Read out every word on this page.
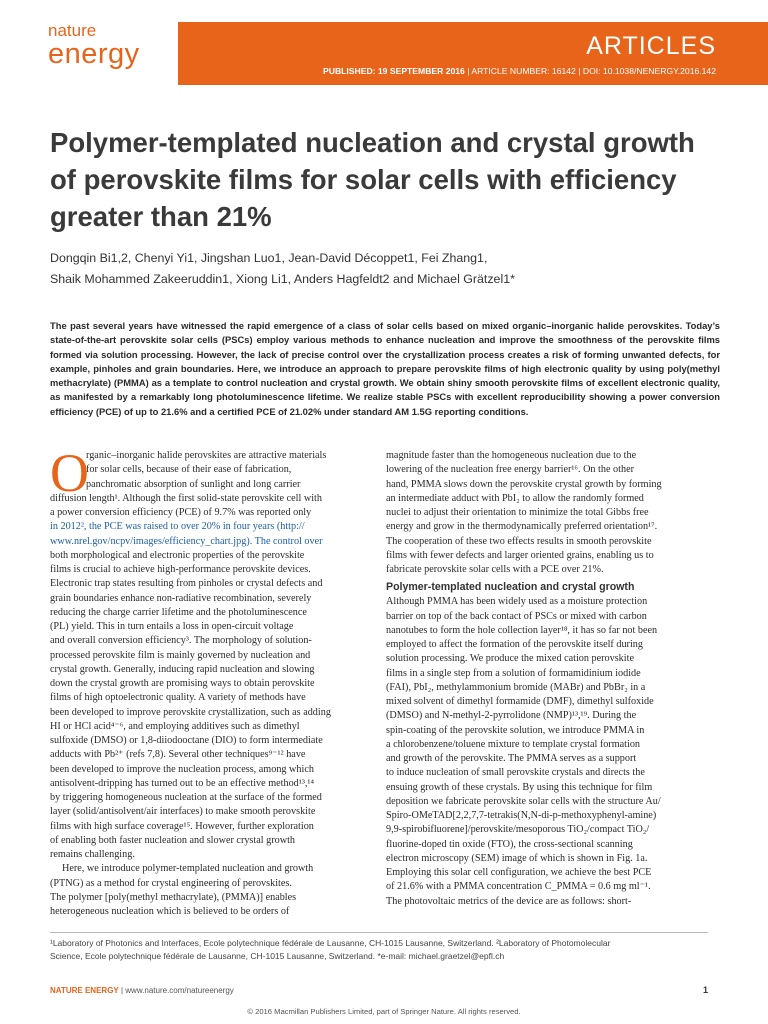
nature
energy	ARTICLES
PUBLISHED: 19 SEPTEMBER 2016 | ARTICLE NUMBER: 16142 | DOI: 10.1038/NENERGY.2016.142
Polymer-templated nucleation and crystal growth
of perovskite films for solar cells with efficiency
greater than 21%
Dongqin Bi1,2, Chenyi Yi1, Jingshan Luo1, Jean-David Décoppet1, Fei Zhang1,
Shaik Mohammed Zakeeruddin1, Xiong Li1, Anders Hagfeldt2 and Michael Grätzel1*

The past several years have witnessed the rapid emergence of a class of solar cells based on mixed organic–inorganic halide perovskites. Today’s state-of-the-art perovskite solar cells (PSCs) employ various methods to enhance nucleation and improve the smoothness of the perovskite films formed via solution processing. However, the lack of precise control over the crystallization process creates a risk of forming unwanted defects, for example, pinholes and grain boundaries. Here, we introduce an approach to prepare perovskite films of high electronic quality by using poly(methyl methacrylate) (PMMA) as a template to control nucleation and crystal growth. We obtain shiny smooth perovskite films of excellent electronic quality, as manifested by a remarkably long photoluminescence lifetime. We realize stable PSCs with excellent reproducibility showing a power conversion efficiency (PCE) of up to 21.6% and a certified PCE of 21.02% under standard AM 1.5G reporting conditions.

O
rganic–inorganic halide perovskites are attractive materials
for solar cells, because of their ease of fabrication,
panchromatic absorption of sunlight and long carrier
diffusion length¹. Although the first solid-state perovskite cell with
a power conversion efficiency (PCE) of 9.7% was reported only
in 2012², the PCE was raised to over 20% in four years (http://
www.nrel.gov/ncpv/images/efficiency_chart.jpg). The control over
both morphological and electronic properties of the perovskite
films is crucial to achieve high-performance perovskite devices.
Electronic trap states resulting from pinholes or crystal defects and
grain boundaries enhance non-radiative recombination, severely
reducing the charge carrier lifetime and the photoluminescence
(PL) yield. This in turn entails a loss in open-circuit voltage
and overall conversion efficiency³. The morphology of solution-
processed perovskite film is mainly governed by nucleation and
crystal growth. Generally, inducing rapid nucleation and slowing
down the crystal growth are promising ways to obtain perovskite
films of high optoelectronic quality. A variety of methods have
been developed to improve perovskite crystallization, such as adding
HI or HCl acid⁴⁻⁶, and employing additives such as dimethyl
sulfoxide (DMSO) or 1,8-diiodooctane (DIO) to form intermediate
adducts with Pb²⁺ (refs 7,8). Several other techniques⁹⁻¹² have
been developed to improve the nucleation process, among which
antisolvent-dripping has turned out to be an effective method¹³,¹⁴
by triggering homogeneous nucleation at the surface of the formed
layer (solid/antisolvent/air interfaces) to make smooth perovskite
films with high surface coverage¹⁵. However, further exploration
of enabling both faster nucleation and slower crystal growth
remains challenging.
Here, we introduce polymer-templated nucleation and growth
(PTNG) as a method for crystal engineering of perovskites.
The polymer [poly(methyl methacrylate), (PMMA)] enables
heterogeneous nucleation which is believed to be orders of
magnitude faster than the homogeneous nucleation due to the
lowering of the nucleation free energy barrier¹⁶. On the other
hand, PMMA slows down the perovskite crystal growth by forming
an intermediate adduct with PbI₂ to allow the randomly formed
nuclei to adjust their orientation to minimize the total Gibbs free
energy and grow in the thermodynamically preferred orientation¹⁷.
The cooperation of these two effects results in smooth perovskite
films with fewer defects and larger oriented grains, enabling us to
fabricate perovskite solar cells with a PCE over 21%.
Polymer-templated nucleation and crystal growth
Although PMMA has been widely used as a moisture protection
barrier on top of the back contact of PSCs or mixed with carbon
nanotubes to form the hole collection layer¹⁸, it has so far not been
employed to affect the formation of the perovskite itself during
solution processing. We produce the mixed cation perovskite
films in a single step from a solution of formamidinium iodide
(FAI), PbI₂, methylammonium bromide (MABr) and PbBr₂ in a
mixed solvent of dimethyl formamide (DMF), dimethyl sulfoxide
(DMSO) and N-methyl-2-pyrrolidone (NMP)¹³,¹⁹. During the
spin-coating of the perovskite solution, we introduce PMMA in
a chlorobenzene/toluene mixture to template crystal formation
and growth of the perovskite. The PMMA serves as a support
to induce nucleation of small perovskite crystals and directs the
ensuing growth of these crystals. By using this technique for film
deposition we fabricate perovskite solar cells with the structure Au/
Spiro-OMeTAD[2,2,7,7-tetrakis(N,N-di-p-methoxyphenyl-amine)
9,9-spirobifluorene]/perovskite/mesoporous TiO₂/compact TiO₂/
fluorine-doped tin oxide (FTO), the cross-sectional scanning
electron microscopy (SEM) image of which is shown in Fig. 1a.
Employing this solar cell configuration, we achieve the best PCE
of 21.6% with a PMMA concentration C_PMMA = 0.6 mg ml⁻¹.
The photovoltaic metrics of the device are as follows: short-
¹Laboratory of Photonics and Interfaces, Ecole polytechnique fédérale de Lausanne, CH-1015 Lausanne, Switzerland. ²Laboratory of Photomolecular
Science, Ecole polytechnique fédérale de Lausanne, CH-1015 Lausanne, Switzerland. *e-mail: michael.graetzel@epfl.ch
NATURE ENERGY | www.nature.com/natureenergy	1
© 2016 Macmillan Publishers Limited, part of Springer Nature. All rights reserved.
